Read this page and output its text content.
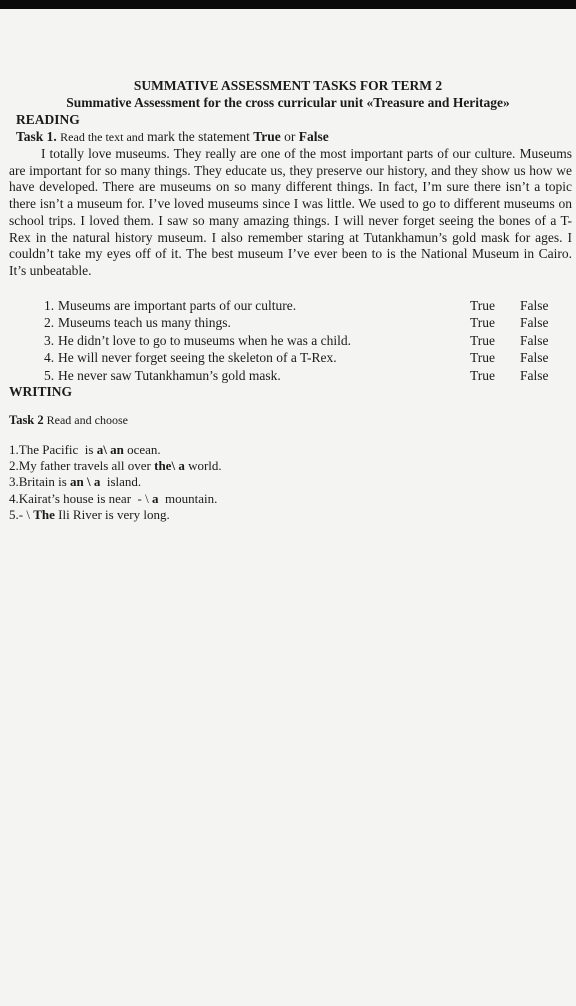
SUMMATIVE ASSESSMENT TASKS FOR TERM 2
Summative Assessment for the cross curricular unit «Treasure and Heritage»
READING
Task 1. Read the text and mark the statement True or False

I totally love museums. They really are one of the most important parts of our culture. Museums are important for so many things. They educate us, they preserve our history, and they show us how we have developed. There are museums on so many different things. In fact, I’m sure there isn’t a topic there isn’t a museum for. I’ve loved museums since I was little. We used to go to different museums on school trips. I loved them. I saw so many amazing things. I will never forget seeing the bones of a T-Rex in the natural history museum. I also remember staring at Tutankhamun’s gold mask for ages. I couldn’t take my eyes off of it. The best museum I’ve ever been to is the National Museum in Cairo. It’s unbeatable.

1. Museums are important parts of our culture.	True False
2. Museums teach us many things.	True False
3. He didn’t love to go to museums when he was a child.	True False
4. He will never forget seeing the skeleton of a T-Rex.	True False
5. He never saw Tutankhamun’s gold mask.	True False
WRITING
Task 2 Read and choose
1.The Pacific  is a\ an ocean.
2.My father travels all over the\ a world.
3.Britain is an \ a  island.
4.Kairat’s house is near  - \ a  mountain.
5.- \ The Ili River is very long.
